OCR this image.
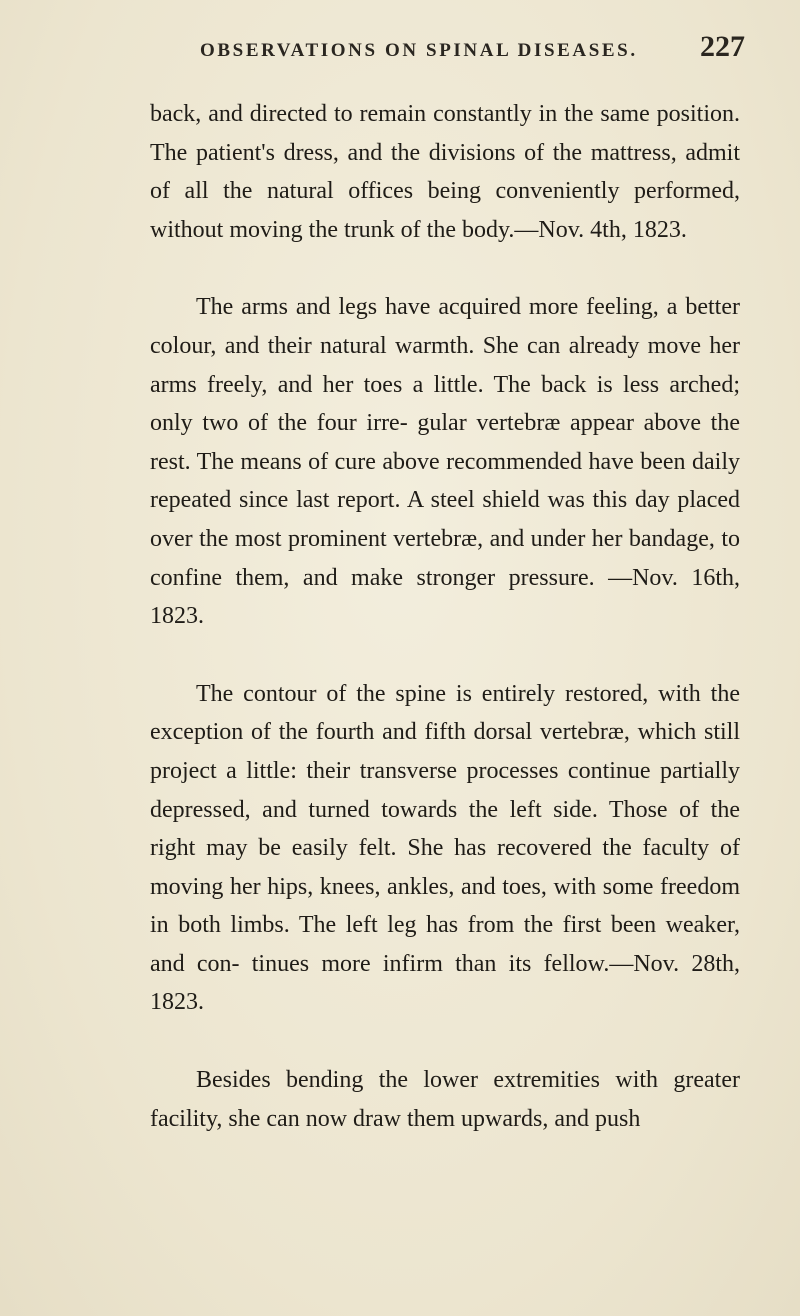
OBSERVATIONS ON SPINAL DISEASES. 227

back, and directed to remain constantly in the same position. The patient's dress, and the divisions of the mattress, admit of all the natural offices being conveniently performed, without moving the trunk of the body.—Nov. 4th, 1823.

The arms and legs have acquired more feeling, a better colour, and their natural warmth. She can already move her arms freely, and her toes a little. The back is less arched; only two of the four irre- gular vertebræ appear above the rest. The means of cure above recommended have been daily repeated since last report. A steel shield was this day placed over the most prominent vertebræ, and under her bandage, to confine them, and make stronger pressure. —Nov. 16th, 1823.

The contour of the spine is entirely restored, with the exception of the fourth and fifth dorsal vertebræ, which still project a little: their transverse processes continue partially depressed, and turned towards the left side. Those of the right may be easily felt. She has recovered the faculty of moving her hips, knees, ankles, and toes, with some freedom in both limbs. The left leg has from the first been weaker, and con- tinues more infirm than its fellow.—Nov. 28th, 1823.

Besides bending the lower extremities with greater facility, she can now draw them upwards, and push
